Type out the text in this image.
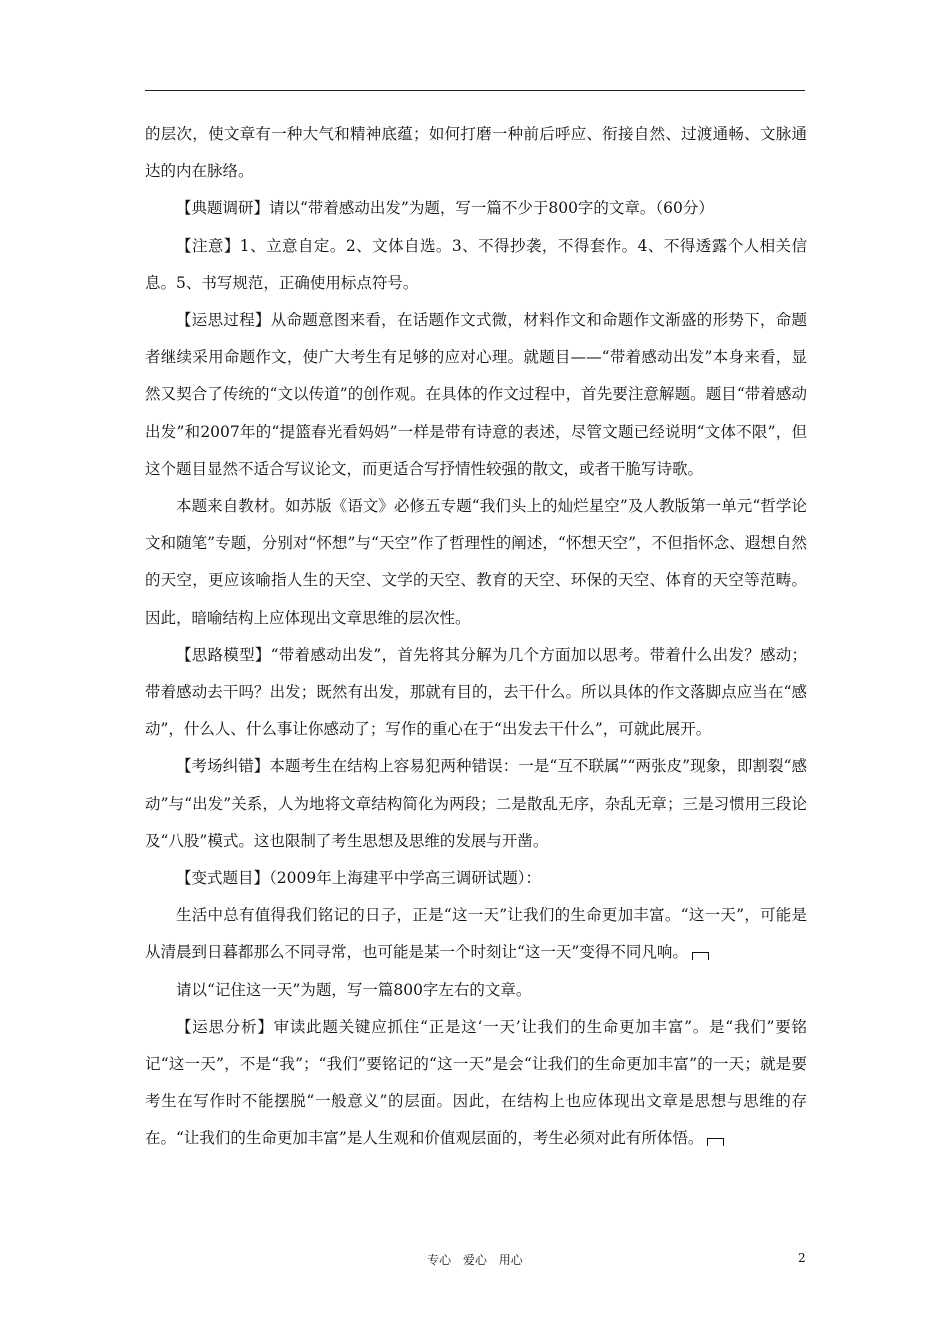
的层次，使文章有一种大气和精神底蕴；如何打磨一种前后呼应、衔接自然、过渡通畅、文脉通达的内在脉络。

【典题调研】请以“带着感动出发”为题，写一篇不少于800字的文章。（60分）

【注意】1、立意自定。2、文体自选。3、不得抄袭，不得套作。4、不得透露个人相关信息。5、书写规范，正确使用标点符号。

【运思过程】从命题意图来看，在话题作文式微，材料作文和命题作文渐盛的形势下，命题者继续采用命题作文，使广大考生有足够的应对心理。就题目——“带着感动出发”本身来看，显然又契合了传统的“文以传道”的创作观。在具体的作文过程中，首先要注意解题。题目“带着感动出发”和2007年的“提篮春光看妈妈”一样是带有诗意的表述，尽管文题已经说明“文体不限”，但这个题目显然不适合写议论文，而更适合写抒情性较强的散文，或者干脆写诗歌。

本题来自教材。如苏版《语文》必修五专题“我们头上的灿烂星空”及人教版第一单元“哲学论文和随笔”专题，分别对“怀想”与“天空”作了哲理性的阐述，“怀想天空”，不但指怀念、遐想自然的天空，更应该喻指人生的天空、文学的天空、教育的天空、环保的天空、体育的天空等范畴。因此，暗喻结构上应体现出文章思维的层次性。

【思路模型】“带着感动出发”，首先将其分解为几个方面加以思考。带着什么出发？感动；带着感动去干吗？出发；既然有出发，那就有目的，去干什么。所以具体的作文落脚点应当在“感动”，什么人、什么事让你感动了；写作的重心在于“出发去干什么”，可就此展开。

【考场纠错】本题考生在结构上容易犯两种错误：一是“互不联属”“两张皮”现象，即割裂“感动”与“出发”关系，人为地将文章结构简化为两段；二是散乱无序，杂乱无章；三是习惯用三段论及“八股”模式。这也限制了考生思想及思维的发展与开凿。

【变式题目】（2009年上海建平中学高三调研试题）：

生活中总有值得我们铭记的日子，正是“这一天”让我们的生命更加丰富。“这一天”，可能是从清晨到日暮都那么不同寻常，也可能是某一个时刻让“这一天”变得不同凡响。

请以“记住这一天”为题，写一篇800字左右的文章。

【运思分析】审读此题关键应抓住“正是这‘一天’让我们的生命更加丰富”。是“我们”要铭记“这一天”，不是“我”；“我们”要铭记的“这一天”是会“让我们的生命更加丰富”的一天；就是要考生在写作时不能摆脱“一般意义”的层面。因此，在结构上也应体现出文章是思想与思维的存在。“让我们的生命更加丰富”是人生观和价值观层面的，考生必须对此有所体悟。

专心 爱心 用心	2
